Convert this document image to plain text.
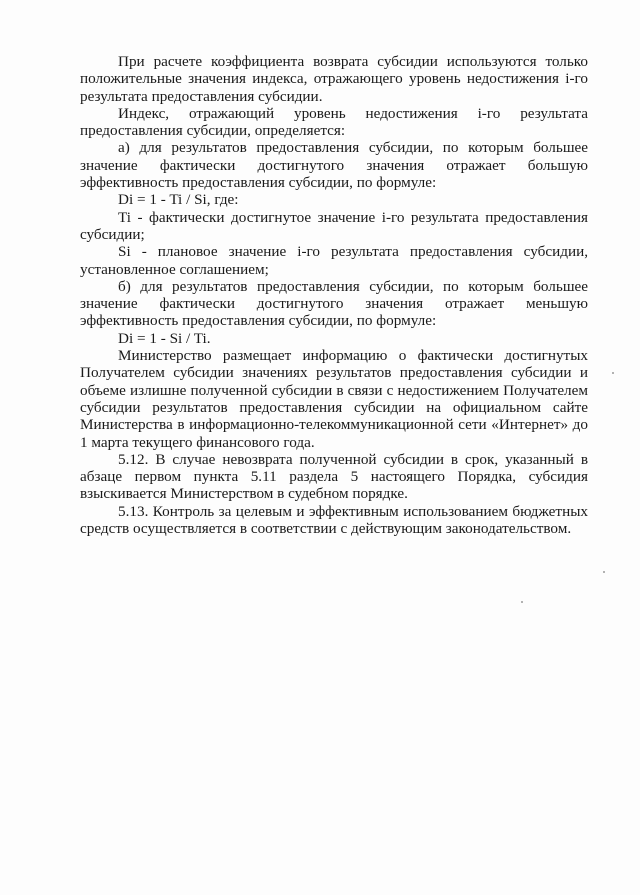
При расчете коэффициента возврата субсидии используются только положительные значения индекса, отражающего уровень недостижения i-го результата предоставления субсидии.

Индекс, отражающий уровень недостижения i-го результата предоставления субсидии, определяется:

а) для результатов предоставления субсидии, по которым большее значение фактически достигнутого значения отражает большую эффективность предоставления субсидии, по формуле:

Di = 1 - Ti / Si, где:

Ti - фактически достигнутое значение i-го результата предоставления субсидии;

Si - плановое значение i-го результата предоставления субсидии, установленное соглашением;

б) для результатов предоставления субсидии, по которым большее значение фактически достигнутого значения отражает меньшую эффективность предоставления субсидии, по формуле:

Di = 1 - Si / Ti.

Министерство размещает информацию о фактически достигнутых Получателем субсидии значениях результатов предоставления субсидии и объеме излишне полученной субсидии в связи с недостижением Получателем субсидии результатов предоставления субсидии на официальном сайте Министерства в информационно-телекоммуникационной сети «Интернет» до 1 марта текущего финансового года.

5.12. В случае невозврата полученной субсидии в срок, указанный в абзаце первом пункта 5.11 раздела 5 настоящего Порядка, субсидия взыскивается Министерством в судебном порядке.

5.13. Контроль за целевым и эффективным использованием бюджетных средств осуществляется в соответствии с действующим законодательством.
